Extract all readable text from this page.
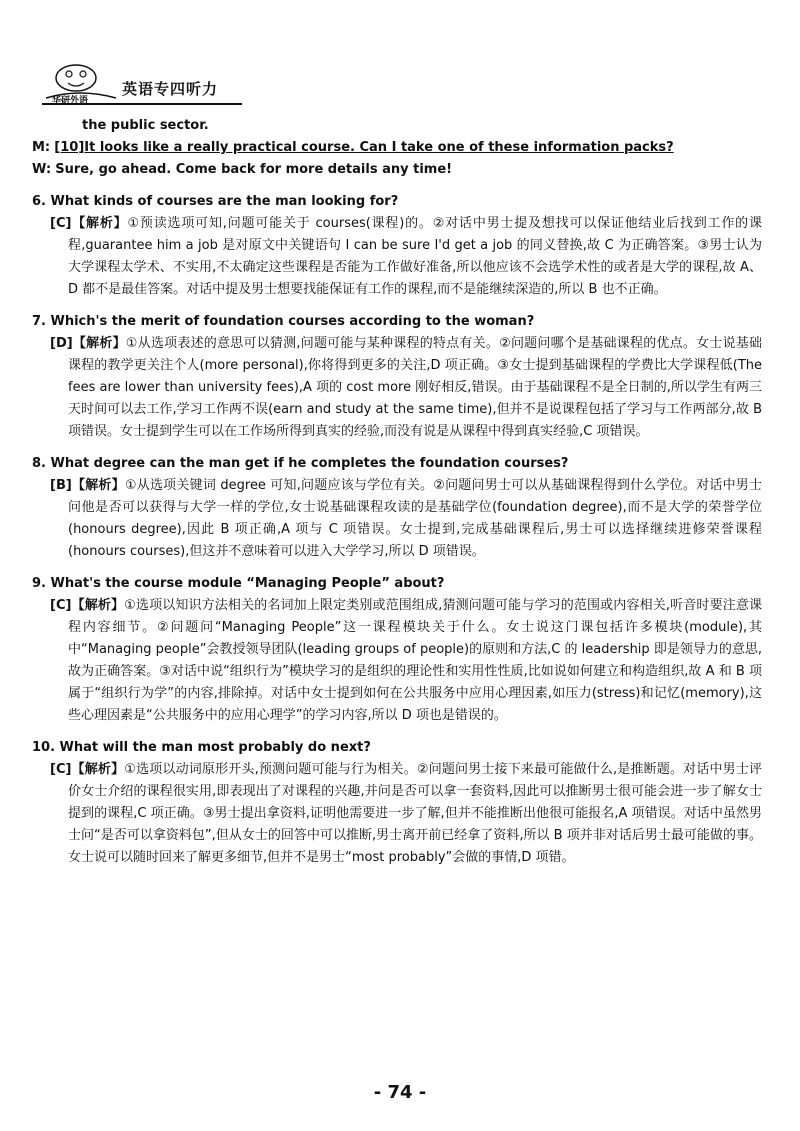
华研外语
英语专四听力
the public sector.
M: [10]It looks like a really practical course. Can I take one of these information packs?
W: Sure, go ahead. Come back for more details any time!
6. What kinds of courses are the man looking for?
[C]【解析】①预读选项可知,问题可能关于 courses(课程)的。②对话中男士提及想找可以保证他结业后找到工作的课程,guarantee him a job 是对原文中关键语句 I can be sure I'd get a job 的同义替换,故 C 为正确答案。③男士认为大学课程太学术、不实用,不太确定这些课程是否能为工作做好准备,所以他应该不会选学术性的或者是大学的课程,故 A、D 都不是最佳答案。对话中提及男士想要找能保证有工作的课程,而不是能继续深造的,所以 B 也不正确。
7. Which's the merit of foundation courses according to the woman?
[D]【解析】①从选项表述的意思可以猜测,问题可能与某种课程的特点有关。②问题问哪个是基础课程的优点。女士说基础课程的教学更关注个人(more personal),你将得到更多的关注,D 项正确。③女士提到基础课程的学费比大学课程低(The fees are lower than university fees),A 项的 cost more 刚好相反,错误。由于基础课程不是全日制的,所以学生有两三天时间可以去工作,学习工作两不误(earn and study at the same time),但并不是说课程包括了学习与工作两部分,故 B 项错误。女士提到学生可以在工作场所得到真实的经验,而没有说是从课程中得到真实经验,C 项错误。
8. What degree can the man get if he completes the foundation courses?
[B]【解析】①从选项关键词 degree 可知,问题应该与学位有关。②问题问男士可以从基础课程得到什么学位。对话中男士问他是否可以获得与大学一样的学位,女士说基础课程攻读的是基础学位(foundation degree),而不是大学的荣誉学位(honours degree),因此 B 项正确,A 项与 C 项错误。女士提到,完成基础课程后,男士可以选择继续进修荣誉课程(honours courses),但这并不意味着可以进入大学学习,所以 D 项错误。
9. What's the course module “Managing People” about?
[C]【解析】①选项以知识方法相关的名词加上限定类别或范围组成,猜测问题可能与学习的范围或内容相关,听音时要注意课程内容细节。②问题问“Managing People”这一课程模块关于什么。女士说这门课包括许多模块(module),其中“Managing people”会教授领导团队(leading groups of people)的原则和方法,C 的 leadership 即是领导力的意思,故为正确答案。③对话中说“组织行为”模块学习的是组织的理论性和实用性性质,比如说如何建立和构造组织,故 A 和 B 项属于“组织行为学”的内容,排除掉。对话中女士提到如何在公共服务中应用心理因素,如压力(stress)和记忆(memory),这些心理因素是“公共服务中的应用心理学”的学习内容,所以 D 项也是错误的。
10. What will the man most probably do next?
[C]【解析】①选项以动词原形开头,预测问题可能与行为相关。②问题问男士接下来最可能做什么,是推断题。对话中男士评价女士介绍的课程很实用,即表现出了对课程的兴趣,并问是否可以拿一套资料,因此可以推断男士很可能会进一步了解女士提到的课程,C 项正确。③男士提出拿资料,证明他需要进一步了解,但并不能推断出他很可能报名,A 项错误。对话中虽然男士问“是否可以拿资料包”,但从女士的回答中可以推断,男士离开前已经拿了资料,所以 B 项并非对话后男士最可能做的事。女士说可以随时回来了解更多细节,但并不是男士“most probably”会做的事情,D 项错。
- 74 -
